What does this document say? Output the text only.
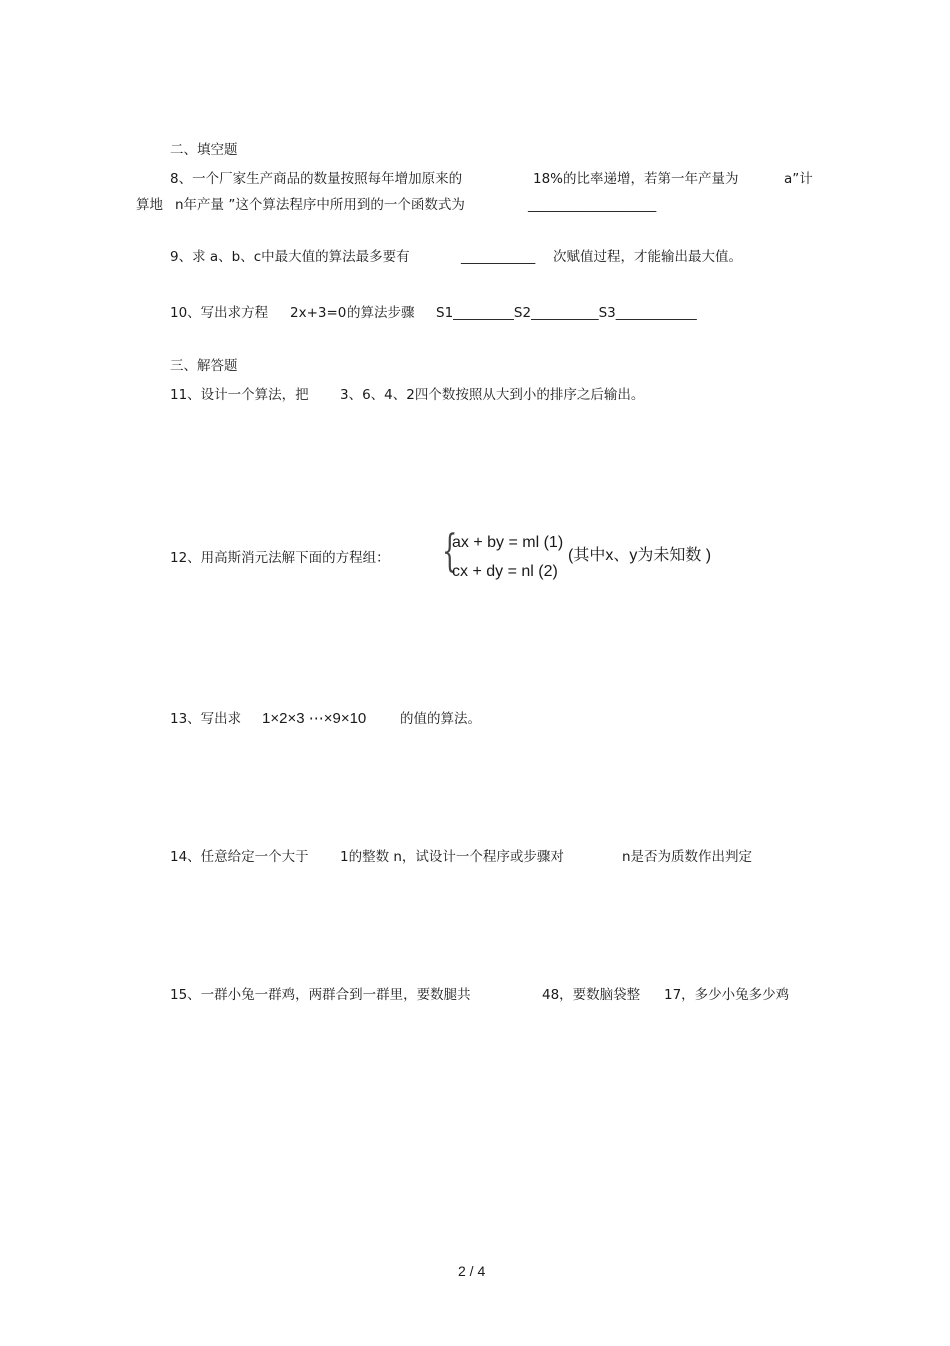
二、填空题
8、一个厂家生产商品的数量按照每年增加原来的	18%的比率递增，若第一年产量为	a”计
算地 n年产量 ”这个算法程序中所用到的一个函数式为	___________________
9、求 a、b、c中最大值的算法最多要有	___________ 次赋值过程，才能输出最大值。
10、写出求方程 2x+3=0 的算法步骤 S1_________S2__________S3____________
三、解答题
11、设计一个算法，把 3、6、4、2四个数按照从大到小的排序之后输出。
12、用高斯消元法解下面的方程组： {
ax + by = ml (1)
cx + dy = nl (2)
(其中x、y为未知数 )
13、写出求 1×2×3 ⋯×9×10 的值的算法。
14、任意给定一个大于 1的整数 n，试设计一个程序或步骤对	n是否为质数作出判定
15、一群小兔一群鸡，两群合到一群里，要数腿共	48，要数脑袋整 17，多少小兔多少鸡
2 / 4
